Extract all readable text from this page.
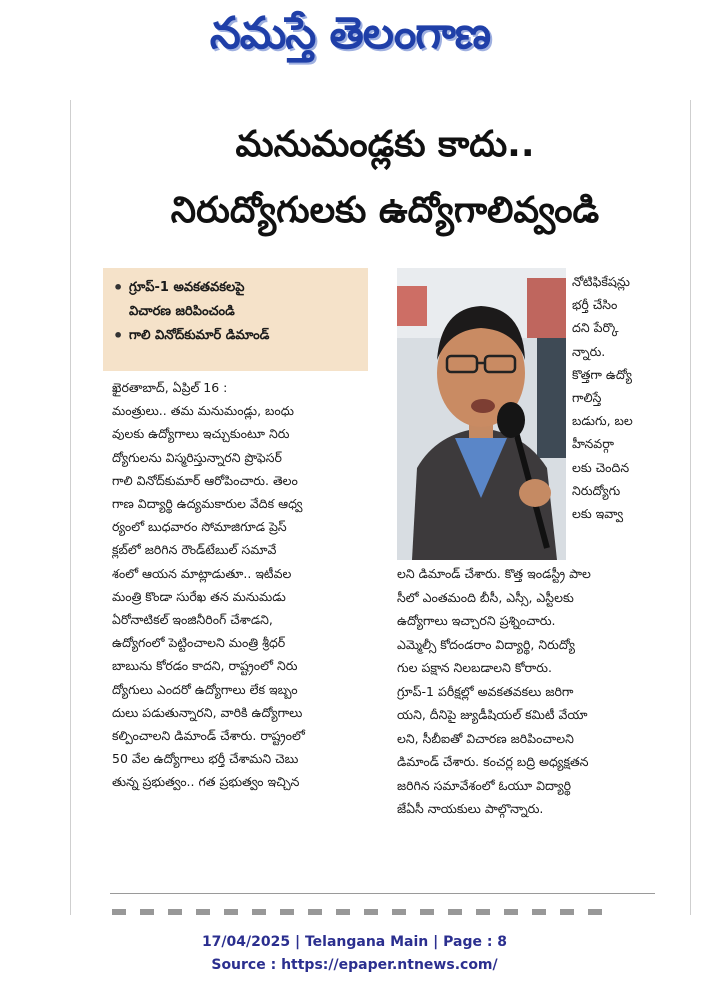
నమస్తే తెలంగాణ
మనుమండ్లకు కాదు..
నిరుద్యోగులకు ఉద్యోగాలివ్వండి
• గ్రూప్‌-1 అవకతవకలపై
విచారణ జరిపించండి
• గాలి వినోద్‌కుమార్‌ డిమాండ్‌
ఖైరతాబాద్‌, ఏప్రిల్‌ 16 :
మంత్రులు.. తమ మనుమండ్లు, బంధు
వులకు ఉద్యోగాలు ఇచ్చుకుంటూ నిరు
ద్యోగులను విస్మరిస్తున్నారని ప్రొఫెసర్‌
గాలి వినోద్‌కుమార్‌ ఆరోపించారు. తెలం
గాణ విద్యార్థి ఉద్యమకారుల వేదిక ఆధ్వ
ర్యంలో బుధవారం సోమాజిగూడ ప్రెస్‌
క్లబ్‌లో జరిగిన రౌండ్‌టేబుల్‌ సమావే
శంలో ఆయన మాట్లాడుతూ.. ఇటీవల
మంత్రి కొండా సురేఖ తన మనుమడు
ఏరోనాటికల్‌ ఇంజినీరింగ్‌ చేశాడని,
ఉద్యోగంలో పెట్టించాలని మంత్రి శ్రీధర్‌
బాబును కోరడం కాదని, రాష్ట్రంలో నిరు
ద్యోగులు ఎందరో ఉద్యోగాలు లేక ఇబ్బం
దులు పడుతున్నారని, వారికి ఉద్యోగాలు
కల్పించాలని డిమాండ్‌ చేశారు. రాష్ట్రంలో
50 వేల ఉద్యోగాలు భర్తీ చేశామని చెబు
తున్న ప్రభుత్వం.. గత ప్రభుత్వం ఇచ్చిన
నోటిఫికేషన్లు
భర్తీ చేసిం
దని పేర్కొ
న్నారు.
కొత్తగా ఉద్యో
గాలిస్తే
బడుగు, బల
హీనవర్గా
లకు చెందిన
నిరుద్యోగు
లకు ఇవ్వా
లని డిమాండ్‌ చేశారు. కొత్త ఇండస్ట్రీ పాల
సీలో ఎంతమంది బీసీ, ఎస్సీ, ఎస్టీలకు
ఉద్యోగాలు ఇచ్చారని ప్రశ్నించారు.
ఎమ్మెల్సీ కోదండరాం విద్యార్థి, నిరుద్యో
గుల పక్షాన నిలబడాలని కోరారు.
గ్రూప్‌-1 పరీక్షల్లో అవకతవకలు జరిగా
యని, దీనిపై జ్యుడీషియల్‌ కమిటీ వేయా
లని, సీబీఐతో విచారణ జరిపించాలని
డిమాండ్‌ చేశారు. కంచర్ల బద్రి అధ్యక్షతన
జరిగిన సమావేశంలో ఓయూ విద్యార్థి
జేఏసీ నాయకులు పాల్గొన్నారు.
17/04/2025 | Telangana Main | Page : 8
Source : https://epaper.ntnews.com/
